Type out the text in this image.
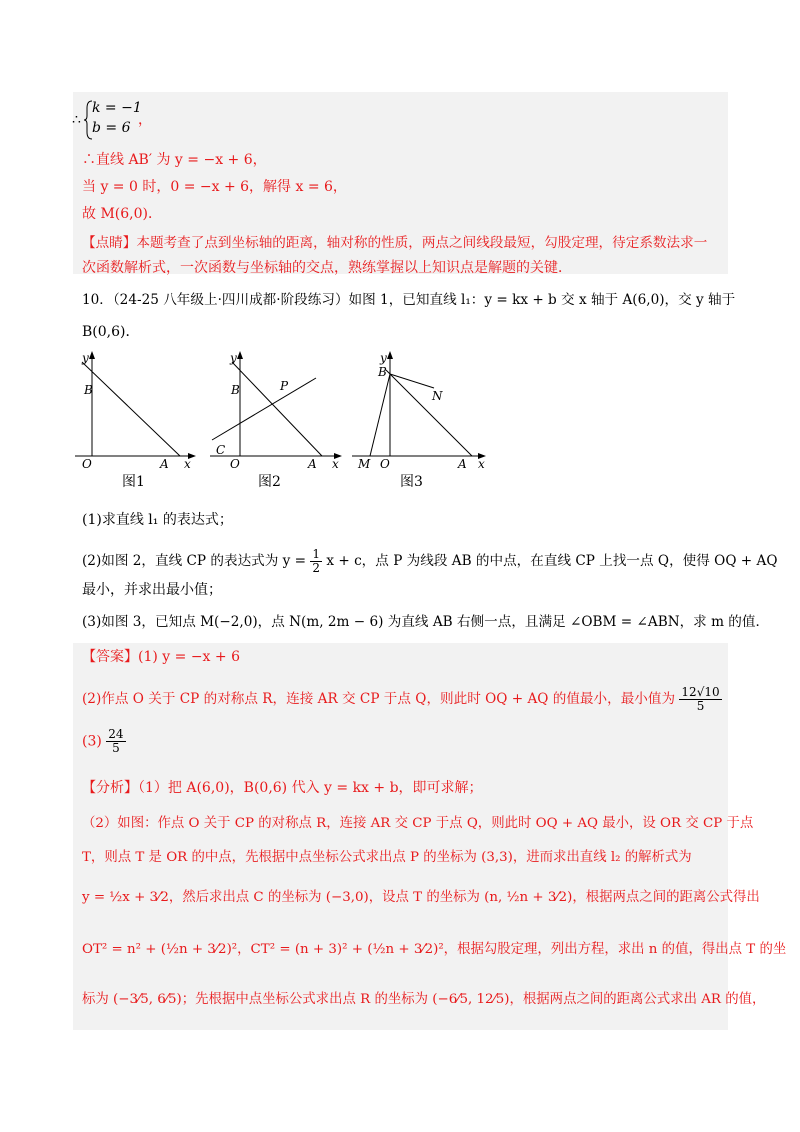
∴
k = −1
b = 6 ，
∴直线 AB′ 为 y = −x + 6，
当 y = 0 时，0 = −x + 6，解得 x = 6，
故 M(6,0)．
【点睛】本题考查了点到坐标轴的距离，轴对称的性质，两点之间线段最短，勾股定理，待定系数法求一
次函数解析式，一次函数与坐标轴的交点，熟练掌握以上知识点是解题的关键．
10．（24-25 八年级上·四川成都·阶段练习）如图 1，已知直线 l₁：y = kx + b 交 x 轴于 A(6,0)，交 y 轴于
B(0,6)．
y
B
O	A x
图1
y
B	P
C
O	A x
图2
y
B
N
M O	A x
图3
(1)求直线 l₁ 的表达式；
(2)如图 2，直线 CP 的表达式为 $y = \frac{1}{2}$ x + c，点 P 为线段 AB 的中点，在直线 CP 上找一点 Q，使得 OQ + AQ
最小，并求出最小值；
(3)如图 3，已知点 M(−2,0)，点 N(m, 2m − 6) 为直线 AB 右侧一点，且满足 ∠OBM = ∠ABN，求 m 的值．
【答案】(1) y = −x + 6
(2)作点 O 关于 CP 的对称点 R，连接 AR 交 CP 于点 Q，则此时 OQ + AQ 的值最小，最小值为 $\frac{12√10}{5}$
$(3) \frac{24}{5}$
【分析】（1）把 A(6,0)，B(0,6) 代入 y = kx + b，即可求解；
（2）如图：作点 O 关于 CP 的对称点 R，连接 AR 交 CP 于点 Q，则此时 OQ + AQ 最小，设 OR 交 CP 于点
T，则点 T 是 OR 的中点，先根据中点坐标公式求出点 P 的坐标为 (3,3)，进而求出直线 l₂ 的解析式为
y = ½x + 3⁄2，然后求出点 C 的坐标为 (−3,0)，设点 T 的坐标为 (n, ½n + 3⁄2)，根据两点之间的距离公式得出
OT² = n² + (½n + 3⁄2)²，CT² = (n + 3)² + (½n + 3⁄2)²，根据勾股定理，列出方程，求出 n 的值，得出点 T 的坐
标为 (−3⁄5, 6⁄5)；先根据中点坐标公式求出点 R 的坐标为 (−6⁄5, 12⁄5)，根据两点之间的距离公式求出 AR 的值，
